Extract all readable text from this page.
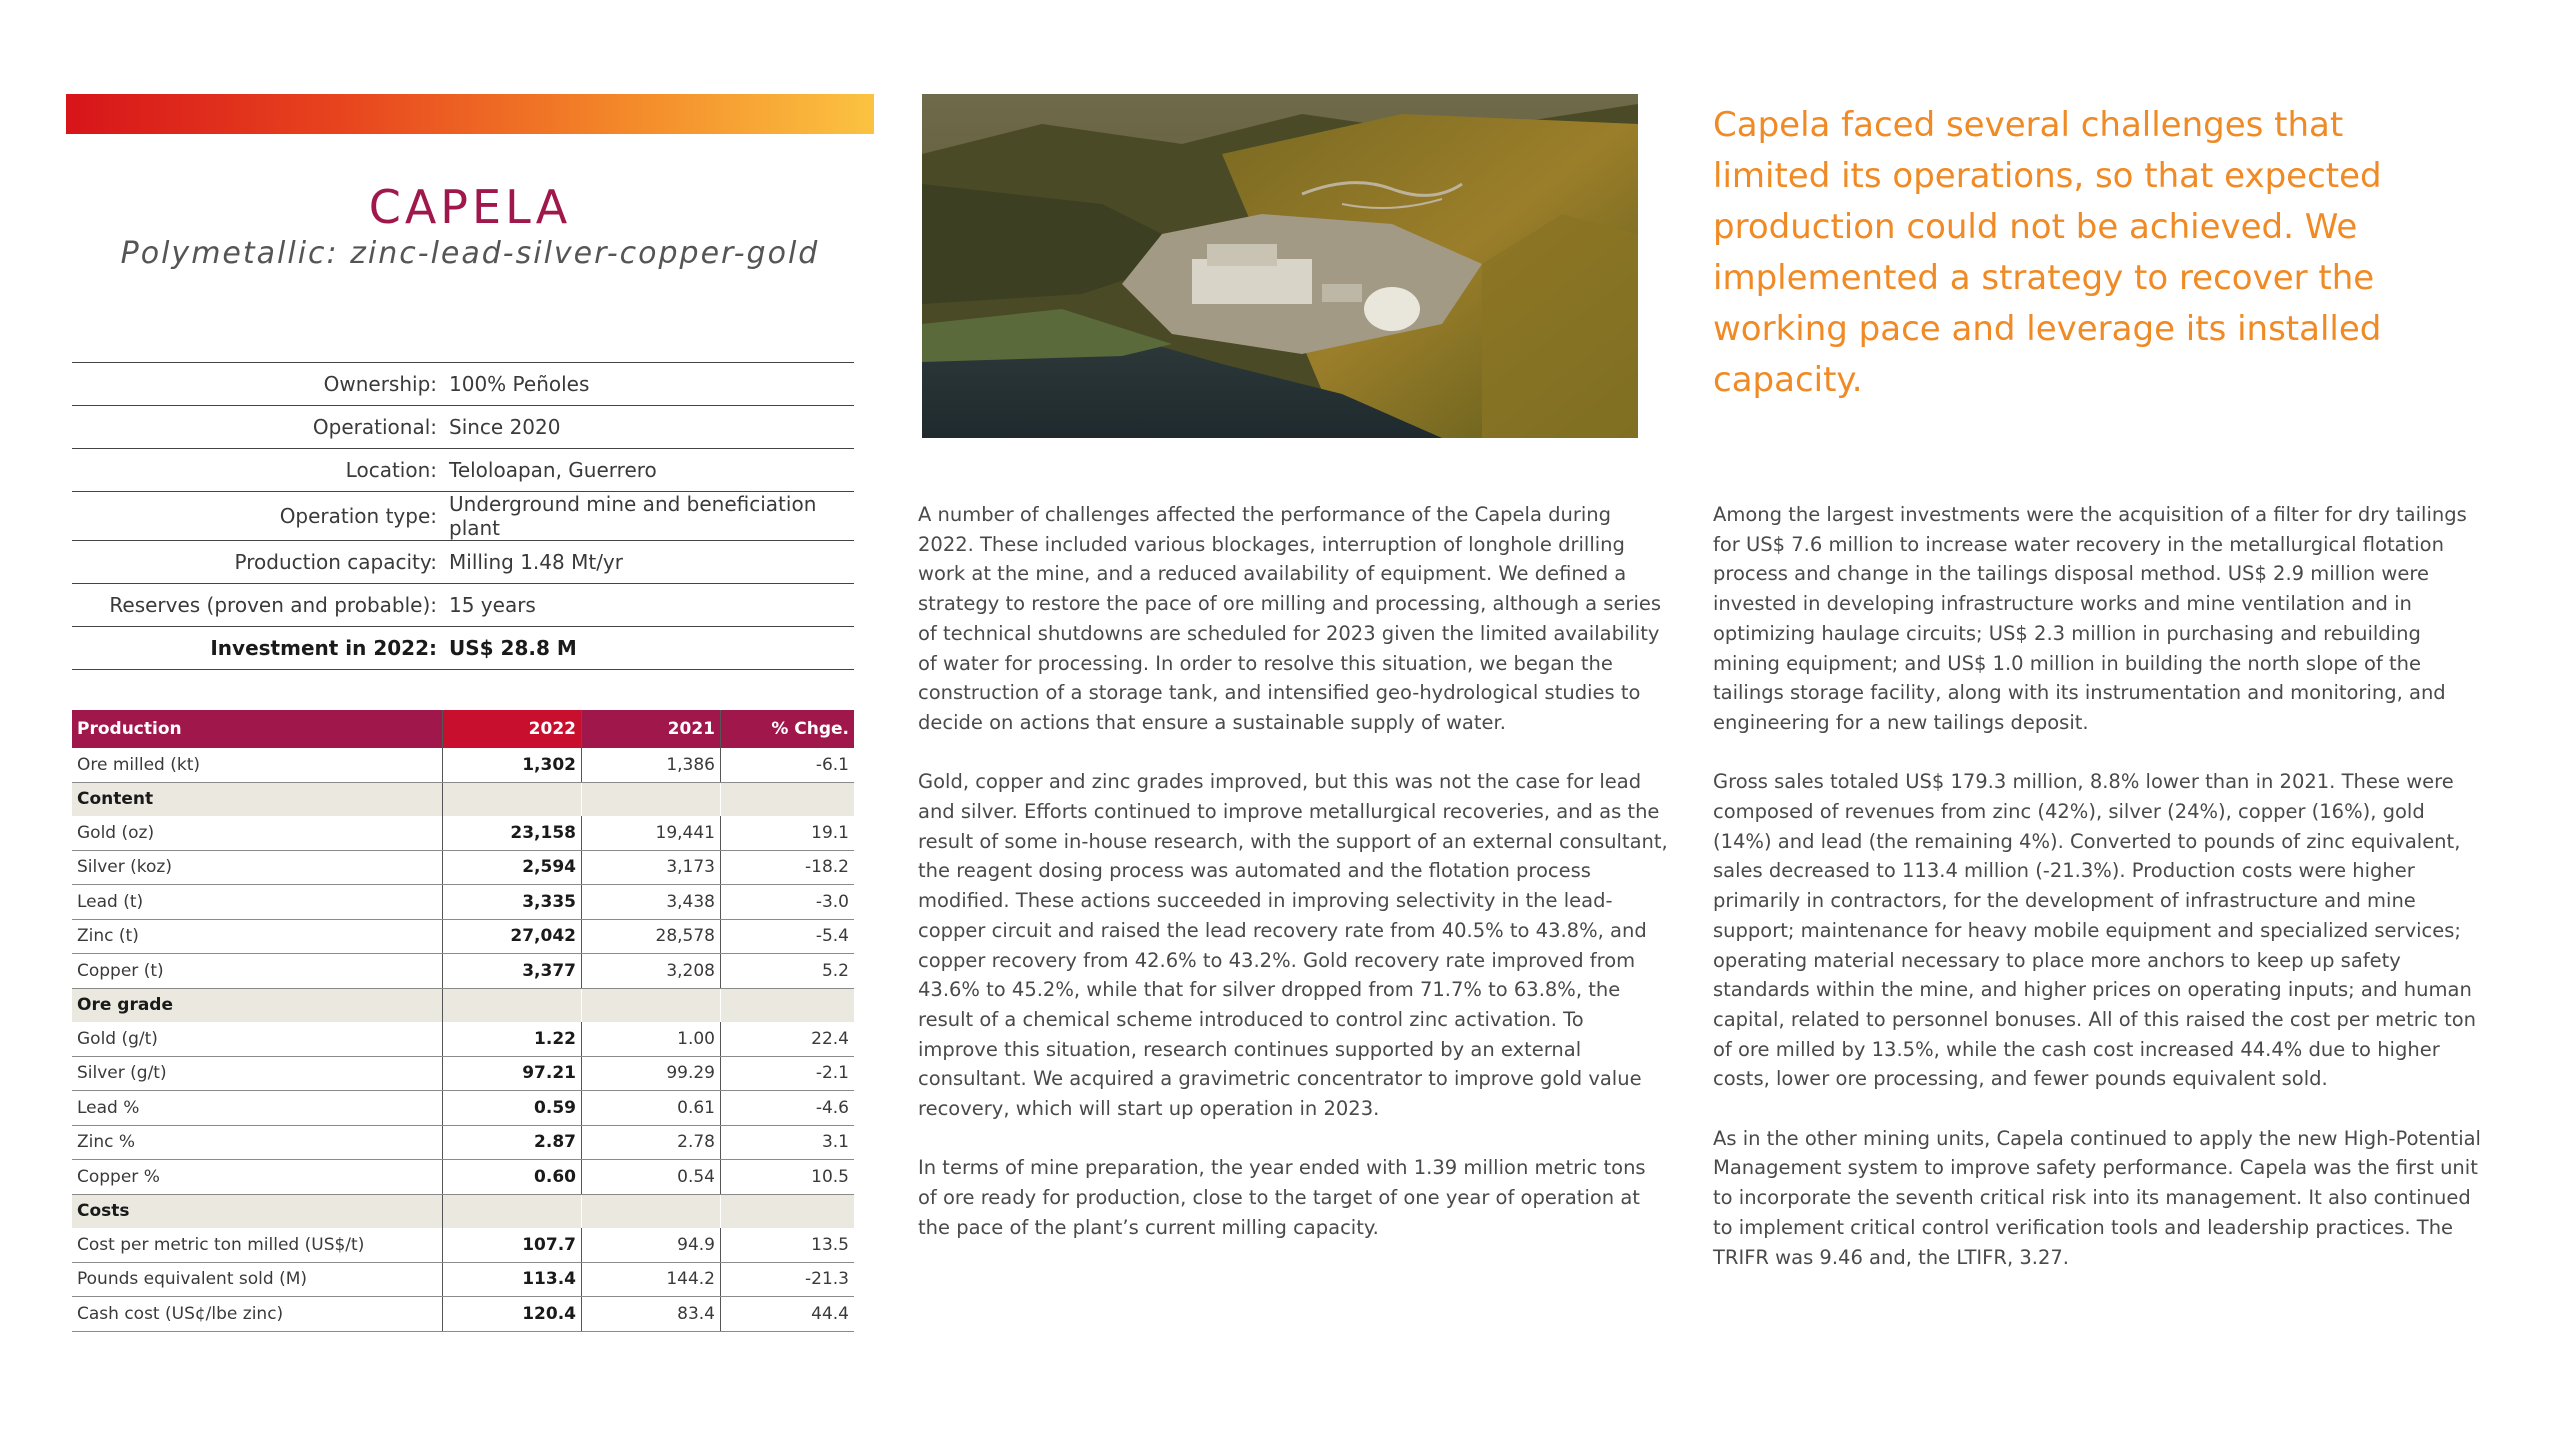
CAPELA
Polymetallic: zinc-lead-silver-copper-gold
Ownership:	100% Peñoles
Operational:	Since 2020
Location:	Teloloapan, Guerrero
Operation type:	Underground mine and beneficiation plant
Production capacity:	Milling 1.48 Mt/yr
Reserves (proven and probable):	15 years
Investment in 2022:	US$ 28.8 M
Production	2022	2021	% Chge.
Ore milled (kt)	1,302	1,386	-6.1
Content			
Gold (oz)	23,158	19,441	19.1
Silver (koz)	2,594	3,173	-18.2
Lead (t)	3,335	3,438	-3.0
Zinc (t)	27,042	28,578	-5.4
Copper (t)	3,377	3,208	5.2
Ore grade			
Gold (g/t)	1.22	1.00	22.4
Silver (g/t)	97.21	99.29	-2.1
Lead %	0.59	0.61	-4.6
Zinc %	2.87	2.78	3.1
Copper %	0.60	0.54	10.5
Costs			
Cost per metric ton milled (US$/t)	107.7	94.9	13.5
Pounds equivalent sold (M)	113.4	144.2	-21.3
Cash cost (US¢/lbe zinc)	120.4	83.4	44.4
Capela faced several challenges that limited its operations, so that expected production could not be achieved. We implemented a strategy to recover the working pace and leverage its installed capacity.

A number of challenges affected the performance of the Capela during 2022. These included various blockages, interruption of longhole drilling work at the mine, and a reduced availability of equipment. We defined a strategy to restore the pace of ore milling and processing, although a series of technical shutdowns are scheduled for 2023 given the limited availability of water for processing. In order to resolve this situation, we began the construction of a storage tank, and intensified geo-hydrological studies to decide on actions that ensure a sustainable supply of water.

Gold, copper and zinc grades improved, but this was not the case for lead and silver. Efforts continued to improve metallurgical recoveries, and as the result of some in-house research, with the support of an external consultant, the reagent dosing process was automated and the flotation process modified. These actions succeeded in improving selectivity in the lead-copper circuit and raised the lead recovery rate from 40.5% to 43.8%, and copper recovery from 42.6% to 43.2%. Gold recovery rate improved from 43.6% to 45.2%, while that for silver dropped from 71.7% to 63.8%, the result of a chemical scheme introduced to control zinc activation. To improve this situation, research continues supported by an external consultant. We acquired a gravimetric concentrator to improve gold value recovery, which will start up operation in 2023.

In terms of mine preparation, the year ended with 1.39 million metric tons of ore ready for production, close to the target of one year of operation at the pace of the plant’s current milling capacity.

Among the largest investments were the acquisition of a filter for dry tailings for US$ 7.6 million to increase water recovery in the metallurgical flotation process and change in the tailings disposal method. US$ 2.9 million were invested in developing infrastructure works and mine ventilation and in optimizing haulage circuits; US$ 2.3 million in purchasing and rebuilding mining equipment; and US$ 1.0 million in building the north slope of the tailings storage facility, along with its instrumentation and monitoring, and engineering for a new tailings deposit.

Gross sales totaled US$ 179.3 million, 8.8% lower than in 2021. These were composed of revenues from zinc (42%), silver (24%), copper (16%), gold (14%) and lead (the remaining 4%). Converted to pounds of zinc equivalent, sales decreased to 113.4 million (-21.3%). Production costs were higher primarily in contractors, for the development of infrastructure and mine support; maintenance for heavy mobile equipment and specialized services; operating material necessary to place more anchors to keep up safety standards within the mine, and higher prices on operating inputs; and human capital, related to personnel bonuses. All of this raised the cost per metric ton of ore milled by 13.5%, while the cash cost increased 44.4% due to higher costs, lower ore processing, and fewer pounds equivalent sold.

As in the other mining units, Capela continued to apply the new High-Potential Management system to improve safety performance. Capela was the first unit to incorporate the seventh critical risk into its management. It also continued to implement critical control verification tools and leadership practices. The TRIFR was 9.46 and, the LTIFR, 3.27.
